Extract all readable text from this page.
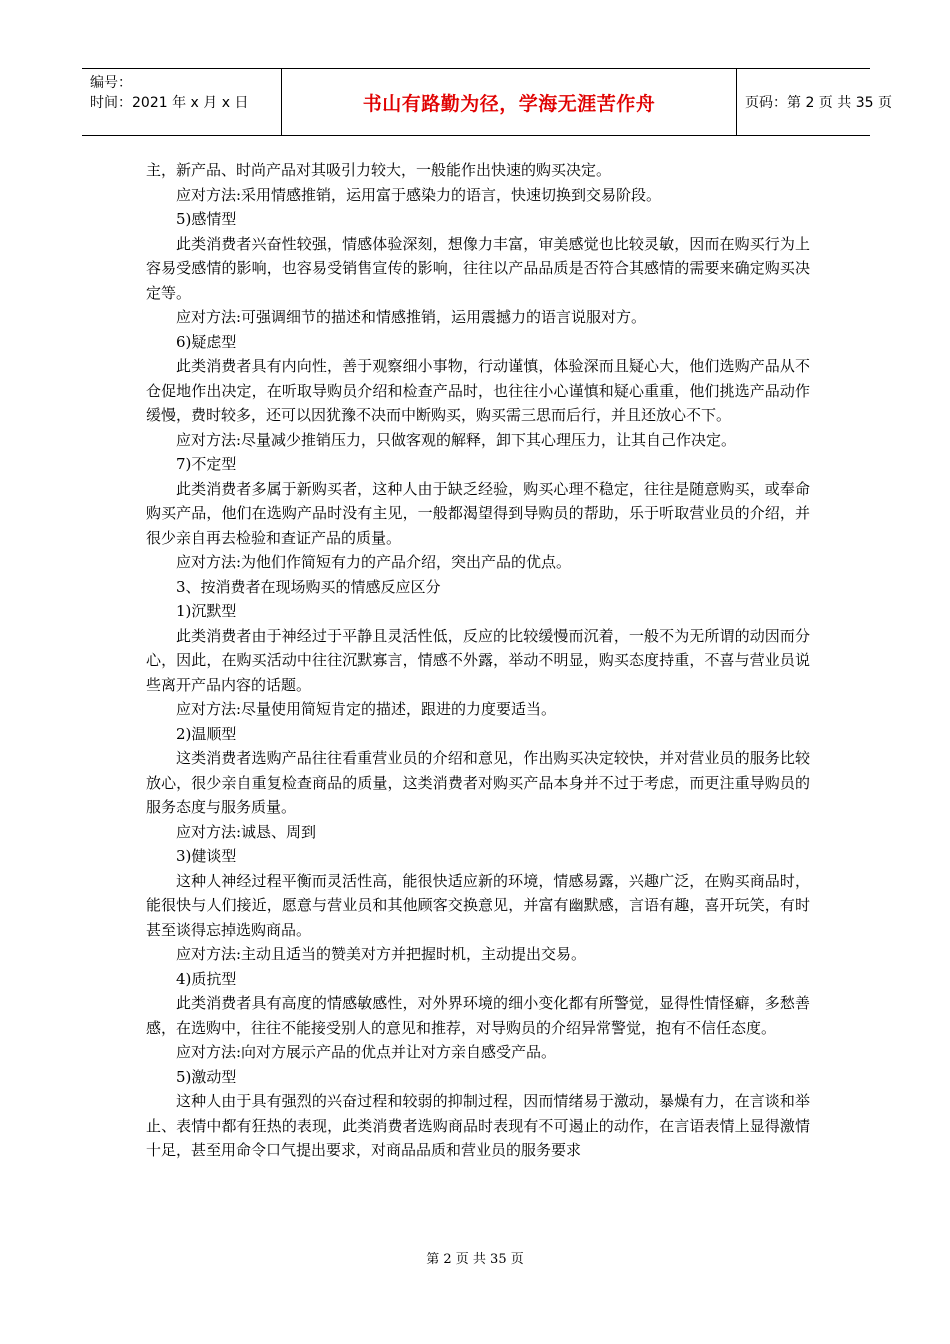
编号：
时间：2021 年 x 月 x 日	书山有路勤为径，学海无涯苦作舟	页码：第 2 页 共 35 页

主，新产品、时尚产品对其吸引力较大，一般能作出快速的购买决定。

应对方法:采用情感推销，运用富于感染力的语言，快速切换到交易阶段。

5)感情型

此类消费者兴奋性较强，情感体验深刻，想像力丰富，审美感觉也比较灵敏，因而在购买行为上容易受感情的影响，也容易受销售宣传的影响，往往以产品品质是否符合其感情的需要来确定购买决定等。

应对方法:可强调细节的描述和情感推销，运用震撼力的语言说服对方。

6)疑虑型

此类消费者具有内向性，善于观察细小事物，行动谨慎，体验深而且疑心大，他们选购产品从不仓促地作出决定，在听取导购员介绍和检查产品时，也往往小心谨慎和疑心重重，他们挑选产品动作缓慢，费时较多，还可以因犹豫不决而中断购买，购买需三思而后行，并且还放心不下。

应对方法:尽量减少推销压力，只做客观的解释，卸下其心理压力，让其自己作决定。

7)不定型

此类消费者多属于新购买者，这种人由于缺乏经验，购买心理不稳定，往往是随意购买，或奉命购买产品，他们在选购产品时没有主见，一般都渴望得到导购员的帮助，乐于听取营业员的介绍，并很少亲自再去检验和查证产品的质量。

应对方法:为他们作简短有力的产品介绍，突出产品的优点。

3、按消费者在现场购买的情感反应区分

1)沉默型

此类消费者由于神经过于平静且灵活性低，反应的比较缓慢而沉着，一般不为无所谓的动因而分心，因此，在购买活动中往往沉默寡言，情感不外露，举动不明显，购买态度持重，不喜与营业员说些离开产品内容的话题。

应对方法:尽量使用简短肯定的描述，跟进的力度要适当。

2)温顺型

这类消费者选购产品往往看重营业员的介绍和意见，作出购买决定较快，并对营业员的服务比较放心，很少亲自重复检查商品的质量，这类消费者对购买产品本身并不过于考虑，而更注重导购员的服务态度与服务质量。

应对方法:诚恳、周到

3)健谈型

这种人神经过程平衡而灵活性高，能很快适应新的环境，情感易露，兴趣广泛，在购买商品时，能很快与人们接近，愿意与营业员和其他顾客交换意见，并富有幽默感，言语有趣，喜开玩笑，有时甚至谈得忘掉选购商品。

应对方法:主动且适当的赞美对方并把握时机，主动提出交易。

4)质抗型

此类消费者具有高度的情感敏感性，对外界环境的细小变化都有所警觉，显得性情怪癖，多愁善感，在选购中，往往不能接受别人的意见和推荐，对导购员的介绍异常警觉，抱有不信任态度。

应对方法:向对方展示产品的优点并让对方亲自感受产品。

5)激动型

这种人由于具有强烈的兴奋过程和较弱的抑制过程，因而情绪易于激动，暴燥有力，在言谈和举止、表情中都有狂热的表现，此类消费者选购商品时表现有不可遏止的动作，在言语表情上显得激情十足，甚至用命令口气提出要求，对商品品质和营业员的服务要求

第 2 页 共 35 页
